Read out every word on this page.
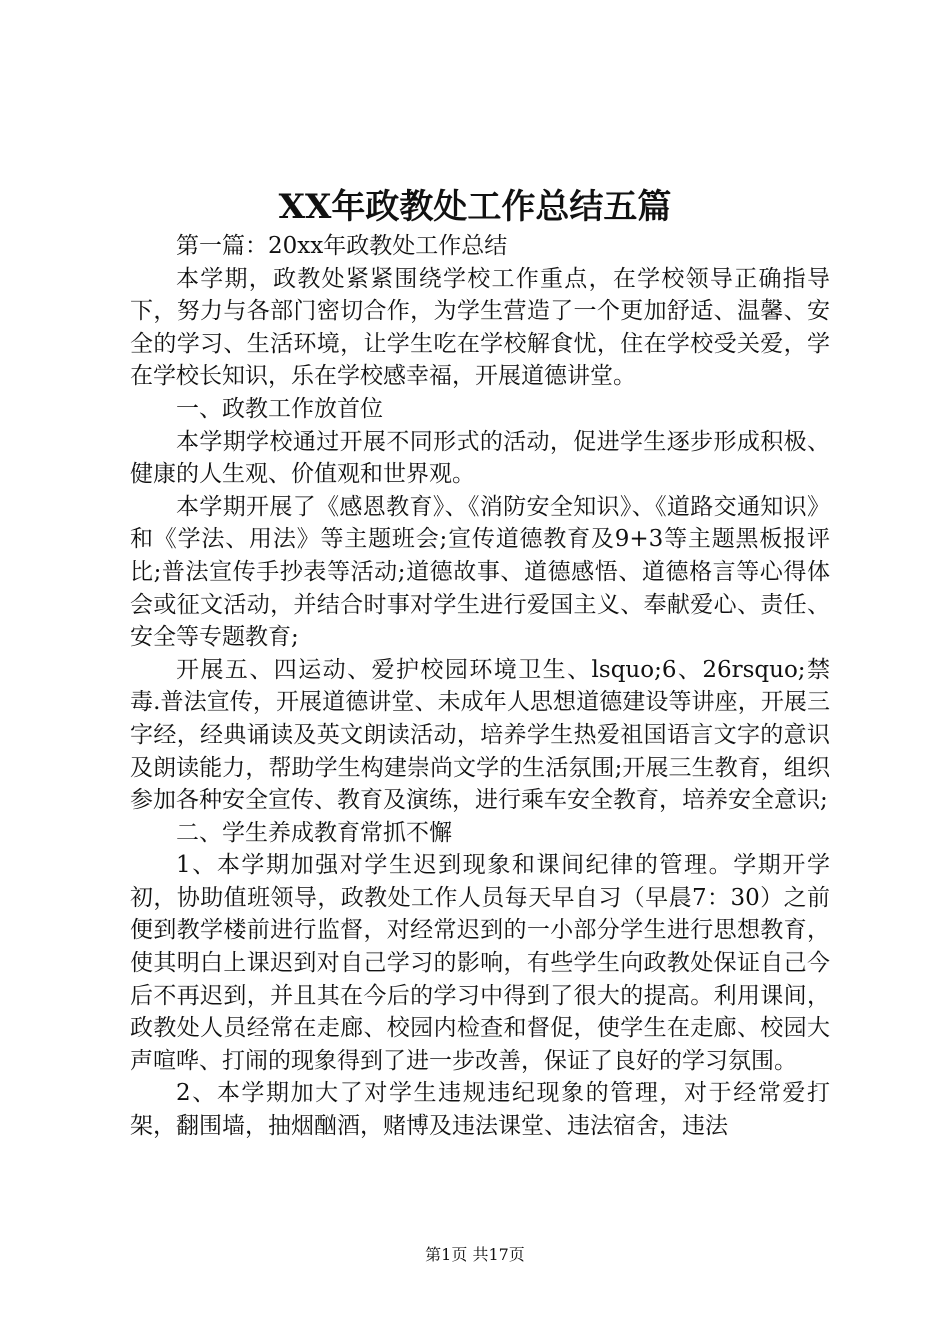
XX年政教处工作总结五篇

第一篇：20xx年政教处工作总结

本学期，政教处紧紧围绕学校工作重点，在学校领导正确指导下，努力与各部门密切合作，为学生营造了一个更加舒适、温馨、安全的学习、生活环境，让学生吃在学校解食忧，住在学校受关爱，学在学校长知识，乐在学校感幸福，开展道德讲堂。

一、政教工作放首位

本学期学校通过开展不同形式的活动，促进学生逐步形成积极、健康的人生观、价值观和世界观。

本学期开展了《感恩教育》、《消防安全知识》、《道路交通知识》和《学法、用法》等主题班会;宣传道德教育及9+3等主题黑板报评比;普法宣传手抄表等活动;道德故事、道德感悟、道德格言等心得体会或征文活动，并结合时事对学生进行爱国主义、奉献爱心、责任、安全等专题教育;

开展五、四运动、爱护校园环境卫生、lsquo;6、26rsquo;禁毒.普法宣传，开展道德讲堂、未成年人思想道德建设等讲座，开展三字经，经典诵读及英文朗读活动，培养学生热爱祖国语言文字的意识及朗读能力，帮助学生构建崇尚文学的生活氛围;开展三生教育，组织参加各种安全宣传、教育及演练，进行乘车安全教育，培养安全意识;

二、学生养成教育常抓不懈

1、本学期加强对学生迟到现象和课间纪律的管理。学期开学初，协助值班领导，政教处工作人员每天早自习（早晨7：30）之前便到教学楼前进行监督，对经常迟到的一小部分学生进行思想教育，使其明白上课迟到对自己学习的影响，有些学生向政教处保证自己今后不再迟到，并且其在今后的学习中得到了很大的提高。利用课间，政教处人员经常在走廊、校园内检查和督促，使学生在走廊、校园大声喧哗、打闹的现象得到了进一步改善，保证了良好的学习氛围。

2、本学期加大了对学生违规违纪现象的管理，对于经常爱打架，翻围墙，抽烟酗酒，赌博及违法课堂、违法宿舍，违法

第1页 共17页
